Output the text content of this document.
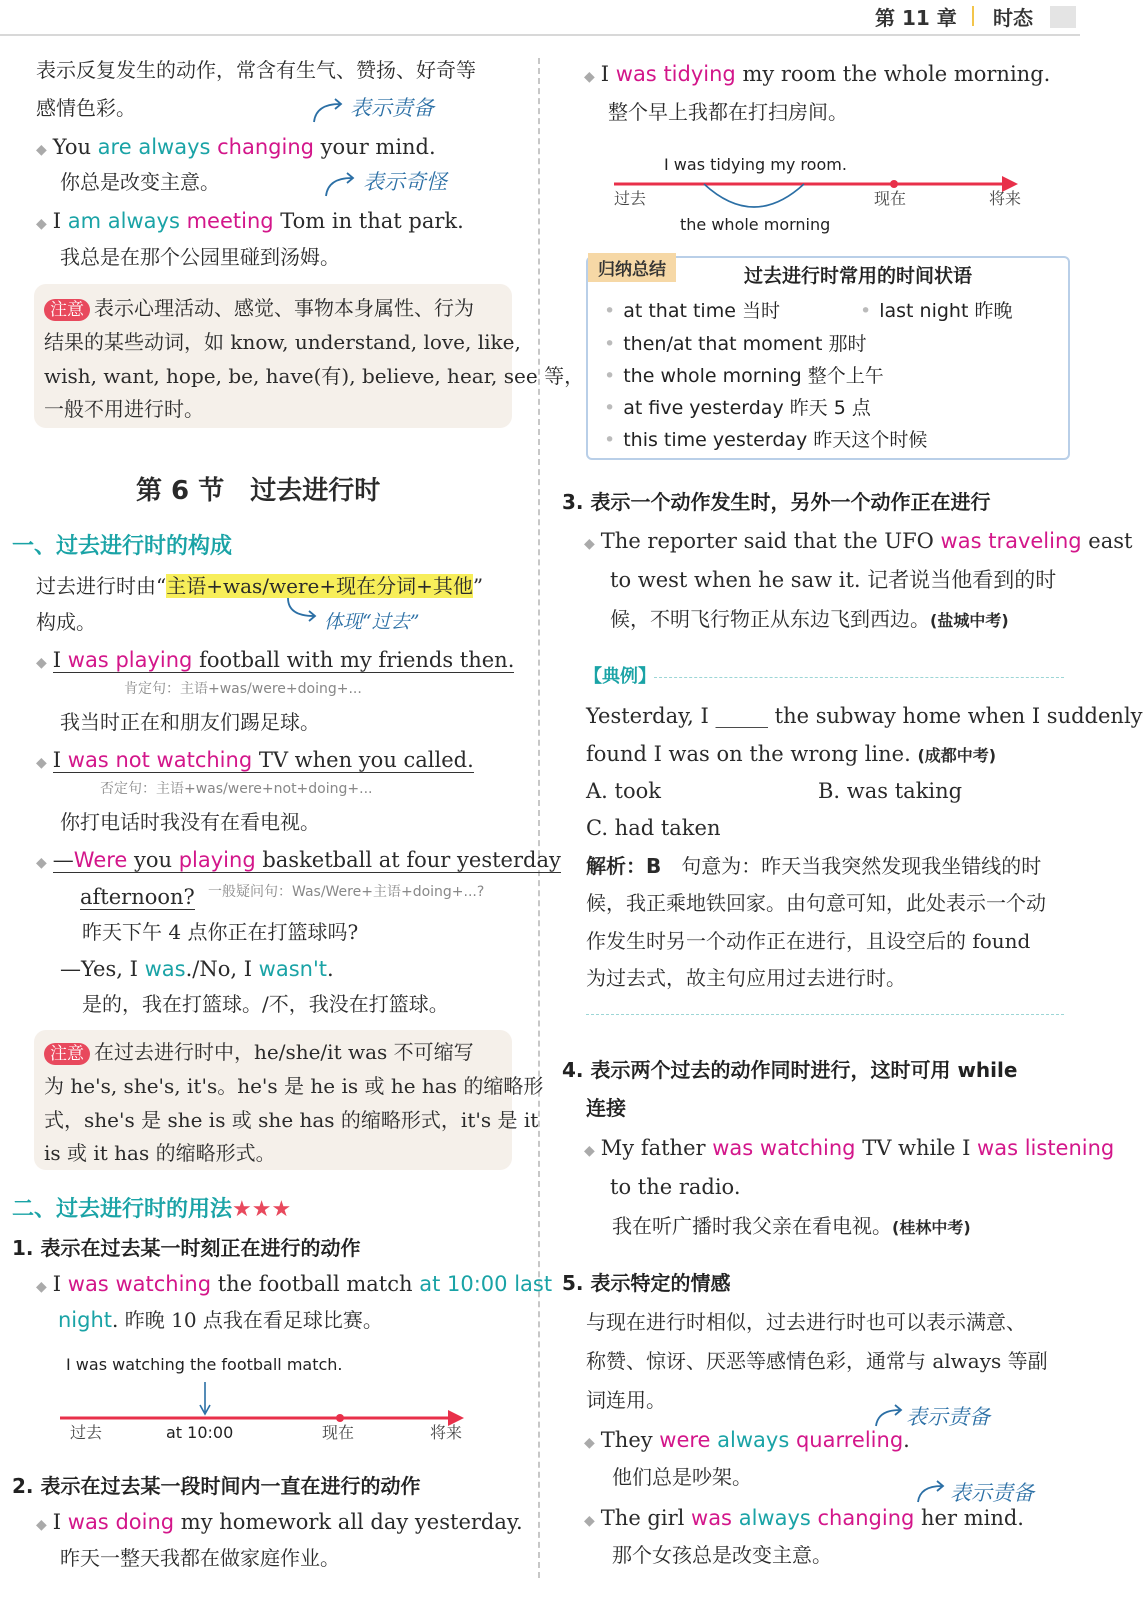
第 11 章 时态
表示反复发生的动作，常含有生气、赞扬、好奇等
感情色彩。	表示责备
◆ You are always changing your mind.
你总是改变主意。	表示奇怪
◆ I am always meeting Tom in that park.
我总是在那个公园里碰到汤姆。
注意 表示心理活动、感觉、事物本身属性、行为
结果的某些动词，如 know, understand, love, like,
wish, want, hope, be, have(有), believe, hear, see 等，
一般不用进行时。
第 6 节　过去进行时
一、过去进行时的构成
过去进行时由“主语+was/were+现在分词+其他”
构成。	体现“过去”
◆ I was playing football with my friends then.
肯定句：主语+was/were+doing+...
我当时正在和朋友们踢足球。
◆ I was not watching TV when you called.
否定句：主语+was/were+not+doing+...
你打电话时我没有在看电视。
◆ —Were you playing basketball at four yesterday
afternoon? 一般疑问句：Was/Were+主语+doing+...?
昨天下午 4 点你正在打篮球吗?
—Yes, I was./No, I wasn't.
是的，我在打篮球。/不，我没在打篮球。
注意 在过去进行时中，he/she/it was 不可缩写
为 he's, she's, it's。he's 是 he is 或 he has 的缩略形
式，she's 是 she is 或 she has 的缩略形式，it's 是 it
is 或 it has 的缩略形式。
二、过去进行时的用法★★★
1. 表示在过去某一时刻正在进行的动作
◆ I was watching the football match at 10:00 last
night. 昨晚 10 点我在看足球比赛。
I was watching the football match.
过去	at 10:00	现在	将来
2. 表示在过去某一段时间内一直在进行的动作
◆ I was doing my homework all day yesterday.
昨天一整天我都在做家庭作业。
◆ I was tidying my room the whole morning.
整个早上我都在打扫房间。
I was tidying my room.
过去	现在	将来
the whole morning
归纳总结	过去进行时常用的时间状语
• at that time 当时	• last night 昨晚
• then/at that moment 那时
• the whole morning 整个上午
• at five yesterday 昨天 5 点
• this time yesterday 昨天这个时候
3. 表示一个动作发生时，另外一个动作正在进行
◆ The reporter said that the UFO was traveling east
to west when he saw it. 记者说当他看到的时
候，不明飞行物正从东边飞到西边。(盐城中考)
【典例】
Yesterday, I _____ the subway home when I suddenly
found I was on the wrong line. (成都中考)
A. took	B. was taking
C. had taken
解析：B　 句意为：昨天当我突然发现我坐错线的时
候，我正乘地铁回家。由句意可知，此处表示一个动
作发生时另一个动作正在进行，且设空后的 found
为过去式，故主句应用过去进行时。
4. 表示两个过去的动作同时进行，这时可用 while
连接
◆ My father was watching TV while I was listening
to the radio.
我在听广播时我父亲在看电视。(桂林中考)
5. 表示特定的情感
与现在进行时相似，过去进行时也可以表示满意、
称赞、惊讶、厌恶等感情色彩，通常与 always 等副
词连用。
表示责备
◆ They were always quarreling.
他们总是吵架。
表示责备
◆ The girl was always changing her mind.
那个女孩总是改变主意。
